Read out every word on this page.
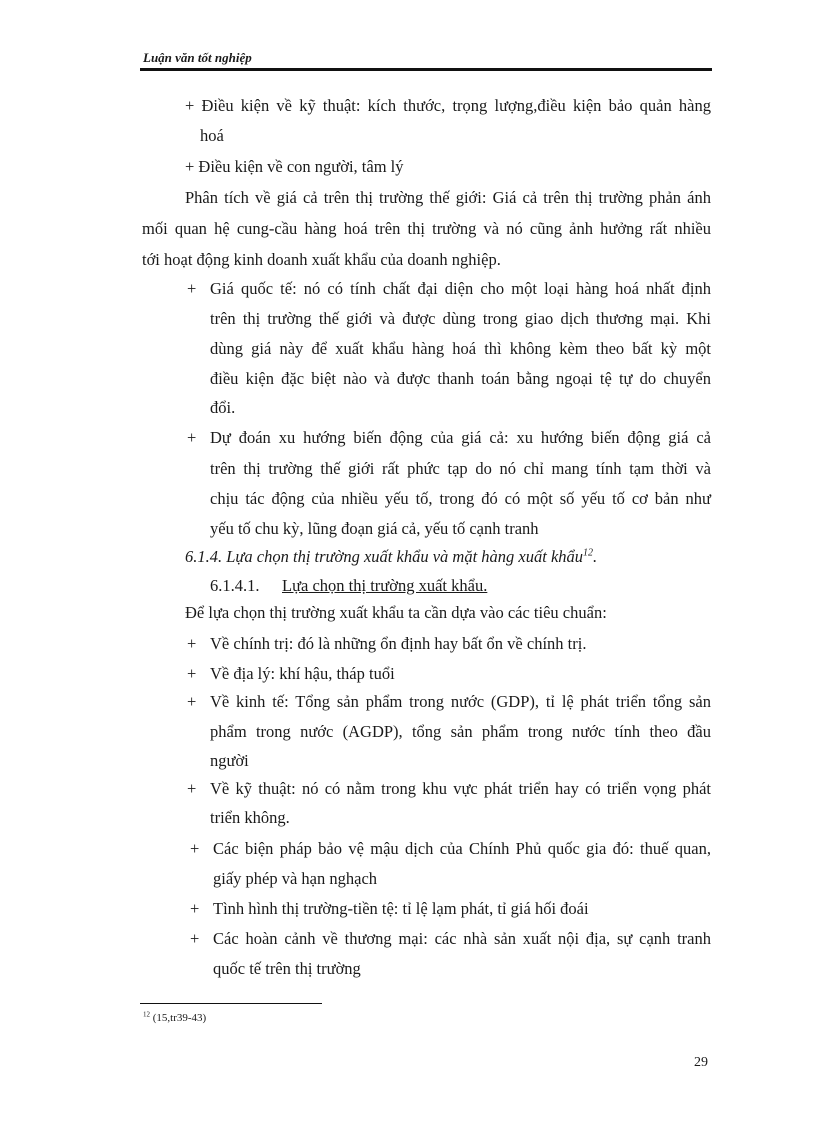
Luận văn tốt nghiệp
+ Điều kiện về kỹ thuật: kích thước, trọng lượng,điều kiện bảo quản hàng
hoá
+ Điều kiện về con người, tâm lý
Phân tích về giá cả trên thị trường thế giới: Giá cả trên thị trường phản ánh
mối quan hệ cung-cầu hàng hoá trên thị trường và nó cũng ảnh hưởng rất nhiều
tới hoạt động kinh doanh xuất khẩu của doanh nghiệp.
+ Giá quốc tế: nó có tính chất đại diện cho một loại hàng hoá nhất định
trên thị trường thế giới và được dùng trong giao dịch thương mại. Khi
dùng giá này để xuất khẩu hàng hoá thì không kèm theo bất kỳ một
điều kiện đặc biệt nào và được thanh toán bằng ngoại tệ tự do chuyển
đổi.
+ Dự đoán xu hướng biến động của giá cả: xu hướng biến động giá cả
trên thị trường thế giới rất phức tạp do nó chỉ mang tính tạm thời và
chịu tác động của nhiều yếu tố, trong đó có một số yếu tố cơ bản như
yếu tố chu kỳ, lũng đoạn giá cả, yếu tố cạnh tranh
6.1.4. Lựa chọn thị trường xuất khẩu và mặt hàng xuất khẩu$^{12}$.
6.1.4.1. Lựa chọn thị trường xuất khẩu.
Để lựa chọn thị trường xuất khẩu ta cần dựa vào các tiêu chuẩn:
+ Về chính trị: đó là những ổn định hay bất ổn về chính trị.
+ Về địa lý: khí hậu, tháp tuổi
+ Về kinh tế: Tổng sản phẩm trong nước (GDP), tỉ lệ phát triển tổng sản
phẩm trong nước (AGDP), tổng sản phẩm trong nước tính theo đầu
người
+ Về kỹ thuật: nó có nằm trong khu vực phát triển hay có triển vọng phát
triển không.
+ Các biện pháp bảo vệ mậu dịch của Chính Phủ quốc gia đó: thuế quan,
giấy phép và hạn nghạch
+ Tình hình thị trường-tiền tệ: tỉ lệ lạm phát, tỉ giá hối đoái
+ Các hoàn cảnh về thương mại: các nhà sản xuất nội địa, sự cạnh tranh
quốc tế trên thị trường
$^{12}$ (15,tr39-43)
29
